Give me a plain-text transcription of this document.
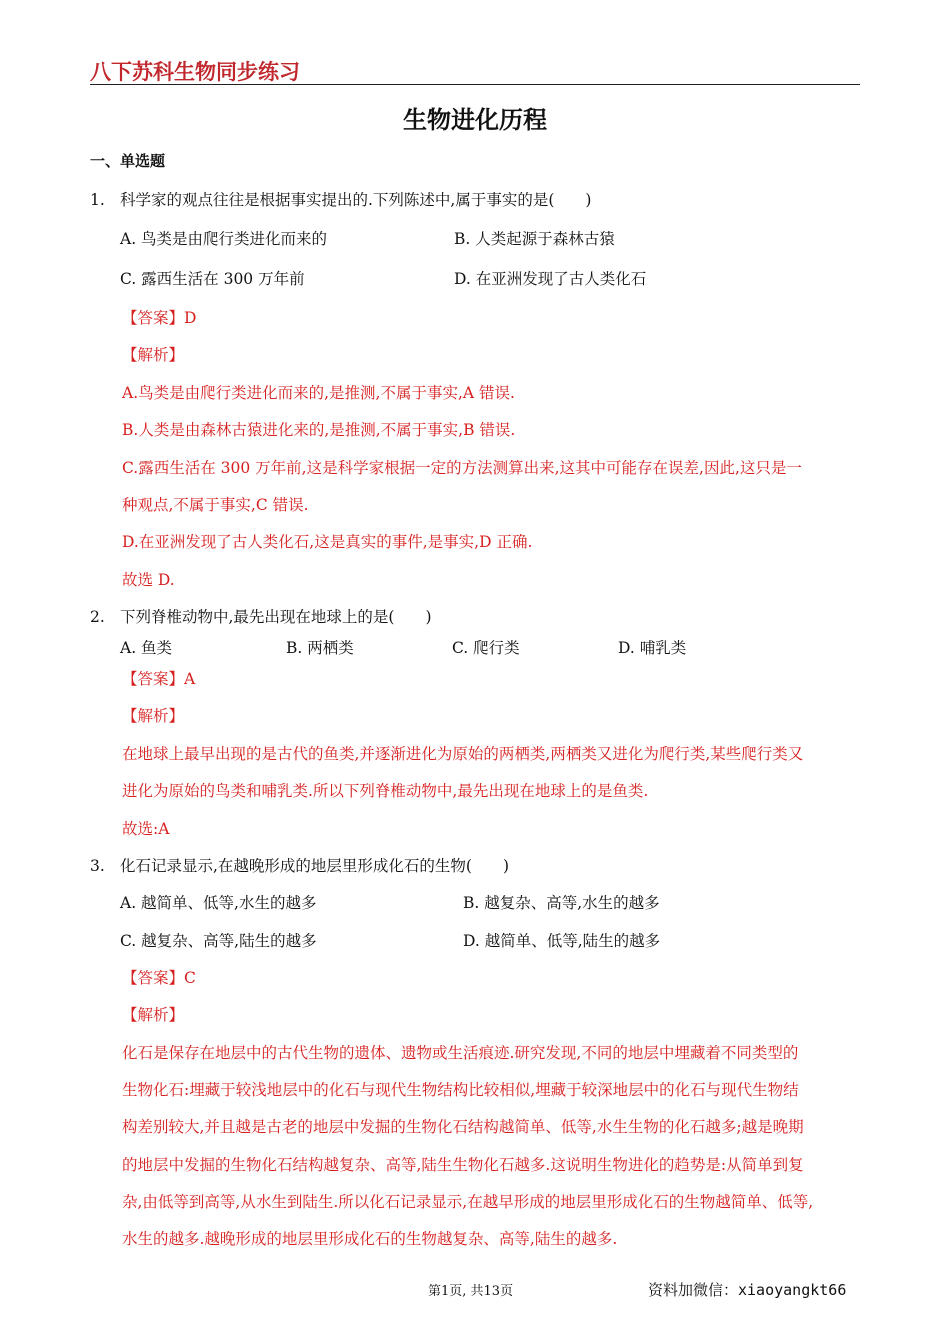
八下苏科生物同步练习
生物进化历程
一、单选题
1. 科学家的观点往往是根据事实提出的.下列陈述中,属于事实的是(　　)
A. 鸟类是由爬行类进化而来的	B. 人类起源于森林古猿
C. 露西生活在 300 万年前	D. 在亚洲发现了古人类化石
【答案】D
【解析】
A.鸟类是由爬行类进化而来的,是推测,不属于事实,A 错误.
B.人类是由森林古猿进化来的,是推测,不属于事实,B 错误.
C.露西生活在 300 万年前,这是科学家根据一定的方法测算出来,这其中可能存在误差,因此,这只是一
种观点,不属于事实,C 错误.
D.在亚洲发现了古人类化石,这是真实的事件,是事实,D 正确.
故选 D.
2. 下列脊椎动物中,最先出现在地球上的是(　　)
A. 鱼类	B. 两栖类	C. 爬行类	D. 哺乳类
【答案】A
【解析】
在地球上最早出现的是古代的鱼类,并逐渐进化为原始的两栖类,两栖类又进化为爬行类,某些爬行类又
进化为原始的鸟类和哺乳类.所以下列脊椎动物中,最先出现在地球上的是鱼类.
故选:A
3. 化石记录显示,在越晚形成的地层里形成化石的生物(　　)
A. 越简单、低等,水生的越多	B. 越复杂、高等,水生的越多
C. 越复杂、高等,陆生的越多	D. 越简单、低等,陆生的越多
【答案】C
【解析】
化石是保存在地层中的古代生物的遗体、遗物或生活痕迹.研究发现,不同的地层中埋藏着不同类型的
生物化石:埋藏于较浅地层中的化石与现代生物结构比较相似,埋藏于较深地层中的化石与现代生物结
构差别较大,并且越是古老的地层中发掘的生物化石结构越简单、低等,水生生物的化石越多;越是晚期
的地层中发掘的生物化石结构越复杂、高等,陆生生物化石越多.这说明生物进化的趋势是:从简单到复
杂,由低等到高等,从水生到陆生.所以化石记录显示,在越早形成的地层里形成化石的生物越简单、低等,
水生的越多.越晚形成的地层里形成化石的生物越复杂、高等,陆生的越多.
第1页, 共13页	资料加微信：xiaoyangkt66
